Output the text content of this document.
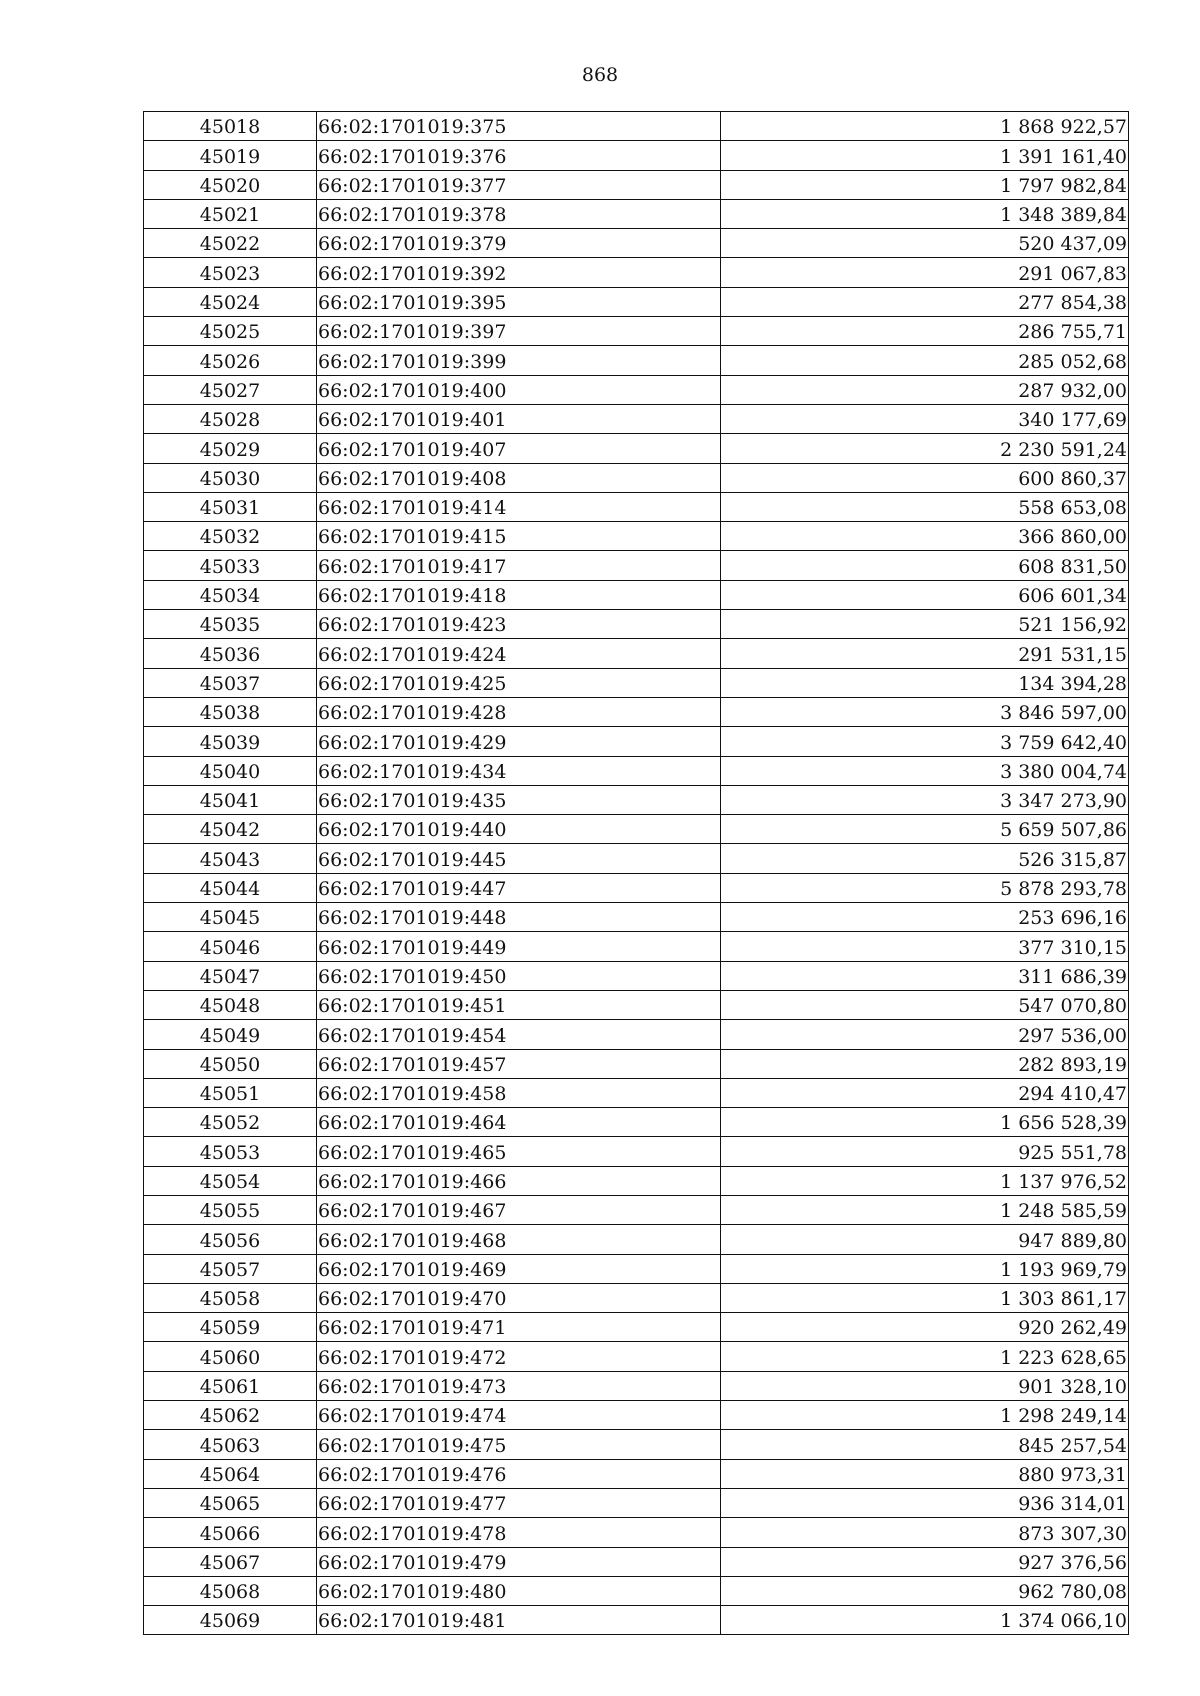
868
45018	66:02:1701019:375	1 868 922,57
45019	66:02:1701019:376	1 391 161,40
45020	66:02:1701019:377	1 797 982,84
45021	66:02:1701019:378	1 348 389,84
45022	66:02:1701019:379	520 437,09
45023	66:02:1701019:392	291 067,83
45024	66:02:1701019:395	277 854,38
45025	66:02:1701019:397	286 755,71
45026	66:02:1701019:399	285 052,68
45027	66:02:1701019:400	287 932,00
45028	66:02:1701019:401	340 177,69
45029	66:02:1701019:407	2 230 591,24
45030	66:02:1701019:408	600 860,37
45031	66:02:1701019:414	558 653,08
45032	66:02:1701019:415	366 860,00
45033	66:02:1701019:417	608 831,50
45034	66:02:1701019:418	606 601,34
45035	66:02:1701019:423	521 156,92
45036	66:02:1701019:424	291 531,15
45037	66:02:1701019:425	134 394,28
45038	66:02:1701019:428	3 846 597,00
45039	66:02:1701019:429	3 759 642,40
45040	66:02:1701019:434	3 380 004,74
45041	66:02:1701019:435	3 347 273,90
45042	66:02:1701019:440	5 659 507,86
45043	66:02:1701019:445	526 315,87
45044	66:02:1701019:447	5 878 293,78
45045	66:02:1701019:448	253 696,16
45046	66:02:1701019:449	377 310,15
45047	66:02:1701019:450	311 686,39
45048	66:02:1701019:451	547 070,80
45049	66:02:1701019:454	297 536,00
45050	66:02:1701019:457	282 893,19
45051	66:02:1701019:458	294 410,47
45052	66:02:1701019:464	1 656 528,39
45053	66:02:1701019:465	925 551,78
45054	66:02:1701019:466	1 137 976,52
45055	66:02:1701019:467	1 248 585,59
45056	66:02:1701019:468	947 889,80
45057	66:02:1701019:469	1 193 969,79
45058	66:02:1701019:470	1 303 861,17
45059	66:02:1701019:471	920 262,49
45060	66:02:1701019:472	1 223 628,65
45061	66:02:1701019:473	901 328,10
45062	66:02:1701019:474	1 298 249,14
45063	66:02:1701019:475	845 257,54
45064	66:02:1701019:476	880 973,31
45065	66:02:1701019:477	936 314,01
45066	66:02:1701019:478	873 307,30
45067	66:02:1701019:479	927 376,56
45068	66:02:1701019:480	962 780,08
45069	66:02:1701019:481	1 374 066,10
